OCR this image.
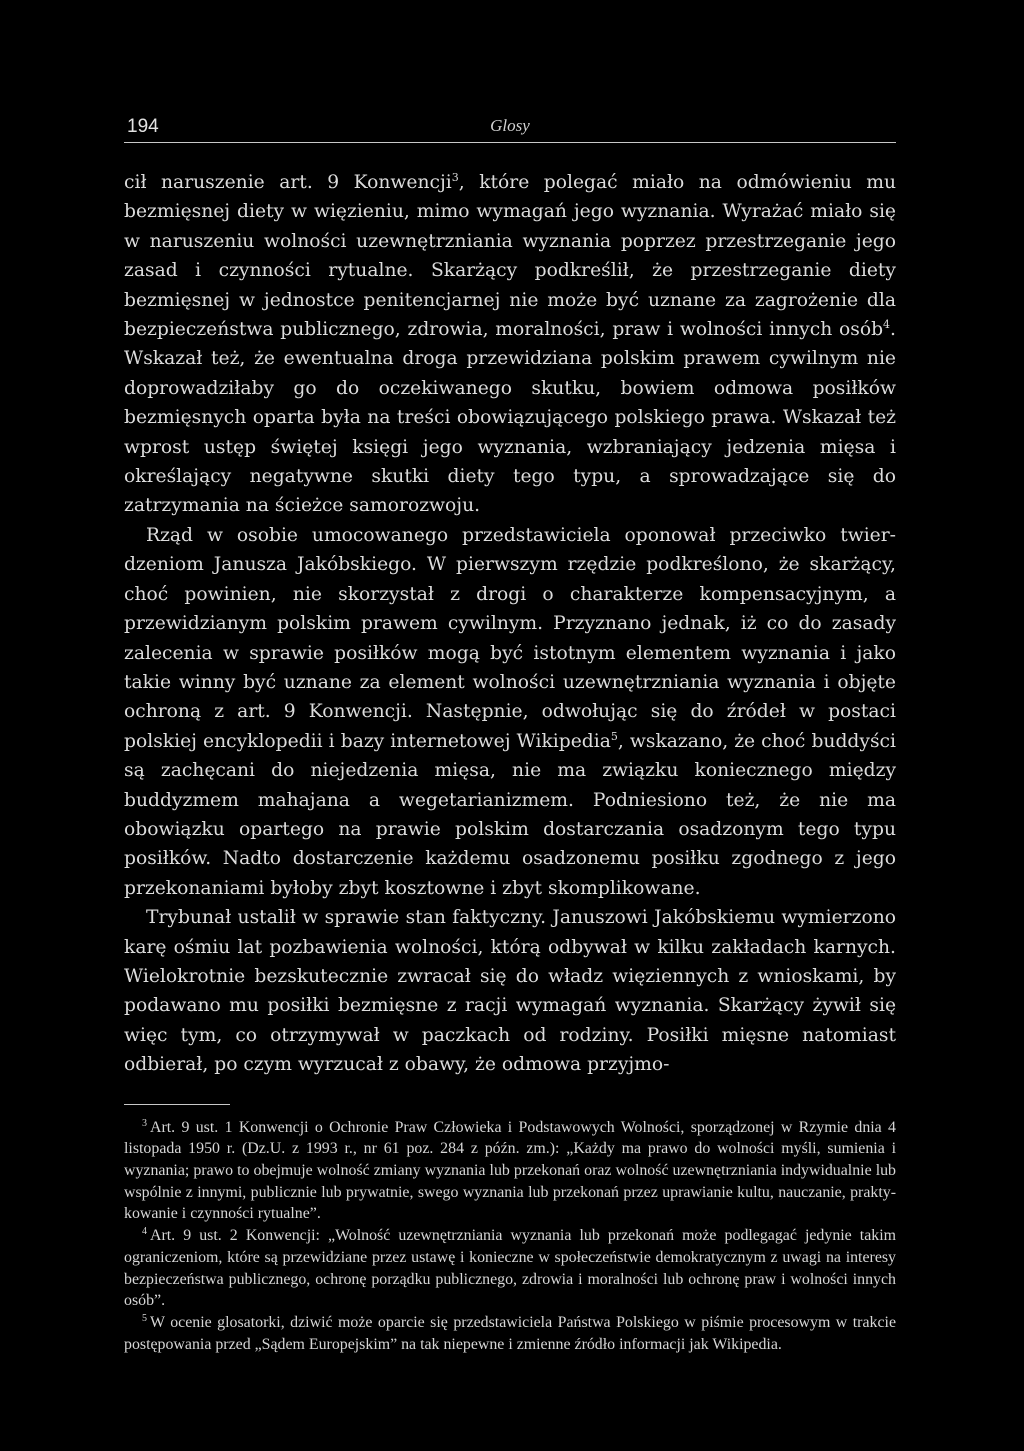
194	Glosy

cił naruszenie art. 9 Konwencji$^3$, które polegać miało na odmówieniu mu bezmięsnej diety w więzieniu, mimo wymagań jego wyznania. Wyrażać miało się w naruszeniu wolności uzewnętrzniania wyznania poprzez przestrzeganie jego zasad i czynności rytualne. Skarżący podkreślił, że przestrzeganie diety bezmięsnej w jednostce penitencjarnej nie może być uznane za zagrożenie dla bezpieczeństwa publicznego, zdrowia, moralności, praw i wolności innych osób$^4$. Wskazał też, że ewentualna droga przewidziana polskim prawem cywilnym nie doprowadziłaby go do oczekiwanego skutku, bowiem odmowa posiłków bezmięsnych oparta była na treści obowiązującego polskiego prawa. Wskazał też wprost ustęp świętej księgi jego wyznania, wzbraniający jedzenia mięsa i określający negatywne skutki diety tego typu, a sprowadzające się do zatrzymania na ścieżce samorozwoju.

Rząd w osobie umocowanego przedstawiciela oponował przeciwko twierdzeniom Janusza Jakóbskiego. W pierwszym rzędzie podkreślono, że skarżący, choć powinien, nie skorzystał z drogi o charakterze kompensacyjnym, a przewidzianym polskim prawem cywilnym. Przyznano jednak, iż co do zasady zalecenia w sprawie posiłków mogą być istotnym elementem wyznania i jako takie winny być uznane za element wolności uzewnętrzniania wyznania i objęte ochroną z art. 9 Konwencji. Następnie, odwołując się do źródeł w postaci polskiej encyklopedii i bazy internetowej Wikipedia$^5$, wskazano, że choć buddyści są zachęcani do niejedzenia mięsa, nie ma związku koniecznego między buddyzmem mahajana a wegetarianizmem. Podniesiono też, że nie ma obowiązku opartego na prawie polskim dostarczania osadzonym tego typu posiłków. Nadto dostarczenie każdemu osadzonemu posiłku zgodnego z jego przekonaniami byłoby zbyt kosztowne i zbyt skomplikowane.

Trybunał ustalił w sprawie stan faktyczny. Januszowi Jakóbskiemu wymierzono karę ośmiu lat pozbawienia wolności, którą odbywał w kilku zakładach karnych. Wielokrotnie bezskutecznie zwracał się do władz więziennych z wnioskami, by podawano mu posiłki bezmięsne z racji wymagań wyznania. Skarżący żywił się więc tym, co otrzymywał w paczkach od rodziny. Posiłki mięsne natomiast odbierał, po czym wyrzucał z obawy, że odmowa przyjmo-

$^3$ Art. 9 ust. 1 Konwencji o Ochronie Praw Człowieka i Podstawowych Wolności, sporządzonej w Rzymie dnia 4 listopada 1950 r. (Dz.U. z 1993 r., nr 61 poz. 284 z późn. zm.): „Każdy ma prawo do wolności myśli, sumienia i wyznania; prawo to obejmuje wolność zmiany wyznania lub przekonań oraz wolność uzewnętrzniania indywidualnie lub wspólnie z innymi, publicznie lub prywatnie, swego wyznania lub przekonań przez uprawianie kultu, nauczanie, praktykowanie i czynności rytualne”.

$^4$ Art. 9 ust. 2 Konwencji: „Wolność uzewnętrzniania wyznania lub przekonań może podlegagać jedynie takim ograniczeniom, które są przewidziane przez ustawę i konieczne w społeczeństwie demokratycznym z uwagi na interesy bezpieczeństwa publicznego, ochronę porządku publicznego, zdrowia i moralności lub ochronę praw i wolności innych osób”.

$^5$ W ocenie glosatorki, dziwić może oparcie się przedstawiciela Państwa Polskiego w piśmie procesowym w trakcie postępowania przed „Sądem Europejskim” na tak niepewne i zmienne źródło informacji jak Wikipedia.
